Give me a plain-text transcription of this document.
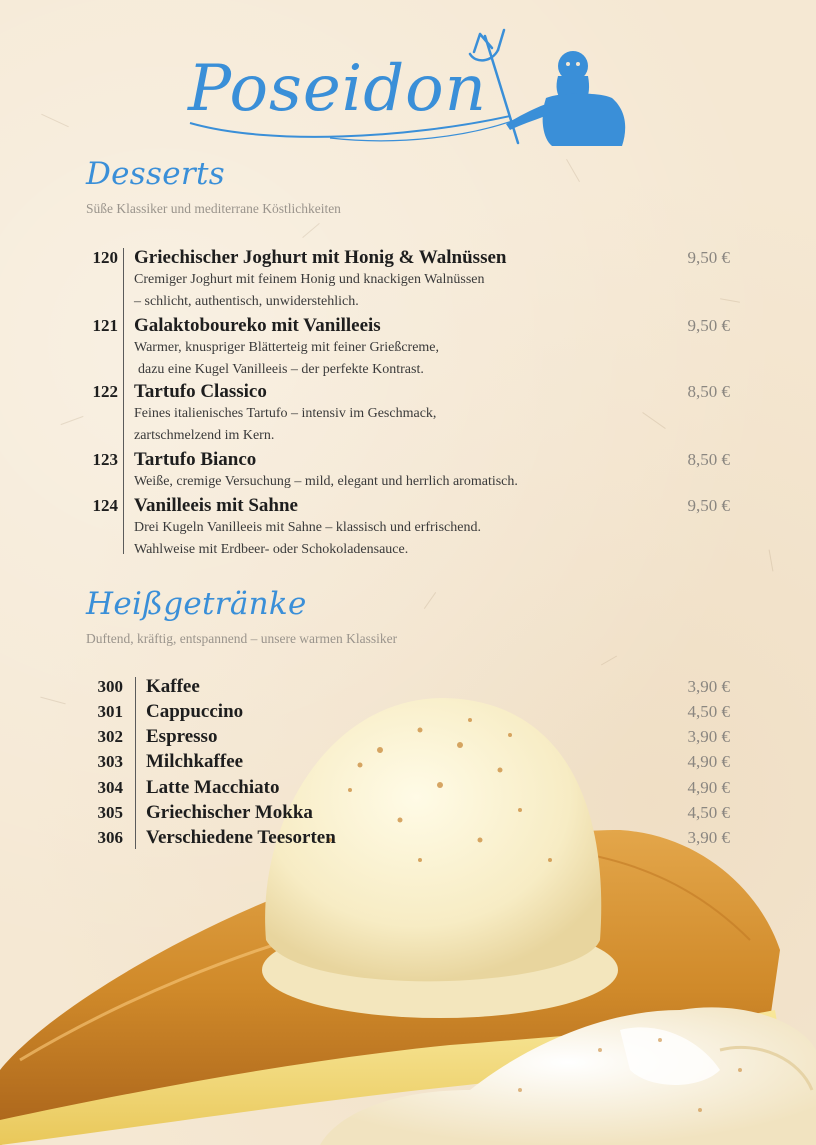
Poseidon
Desserts

Süße Klassiker und mediterrane Köstlichkeiten

120 Griechischer Joghurt mit Honig & Walnüssen	9,50 €
Cremiger Joghurt mit feinem Honig und knackigen Walnüssen
– schlicht, authentisch, unwiderstehlich.
121 Galaktoboureko mit Vanilleeis	9,50 €
Warmer, knuspriger Blätterteig mit feiner Grießcreme,
dazu eine Kugel Vanilleeis – der perfekte Kontrast.
122 Tartufo Classico	8,50 €
Feines italienisches Tartufo – intensiv im Geschmack,
zartschmelzend im Kern.
123 Tartufo Bianco	8,50 €
Weiße, cremige Versuchung – mild, elegant und herrlich aromatisch.
124 Vanilleeis mit Sahne	9,50 €
Drei Kugeln Vanilleeis mit Sahne – klassisch und erfrischend.
Wahlweise mit Erdbeer- oder Schokoladensauce.
Heißgetränke

Duftend, kräftig, entspannend – unsere warmen Klassiker

300 Kaffee	3,90 €
301 Cappuccino	4,50 €
302 Espresso	3,90 €
303 Milchkaffee	4,90 €
304 Latte Macchiato	4,90 €
305 Griechischer Mokka	4,50 €
306 Verschiedene Teesorten	3,90 €
